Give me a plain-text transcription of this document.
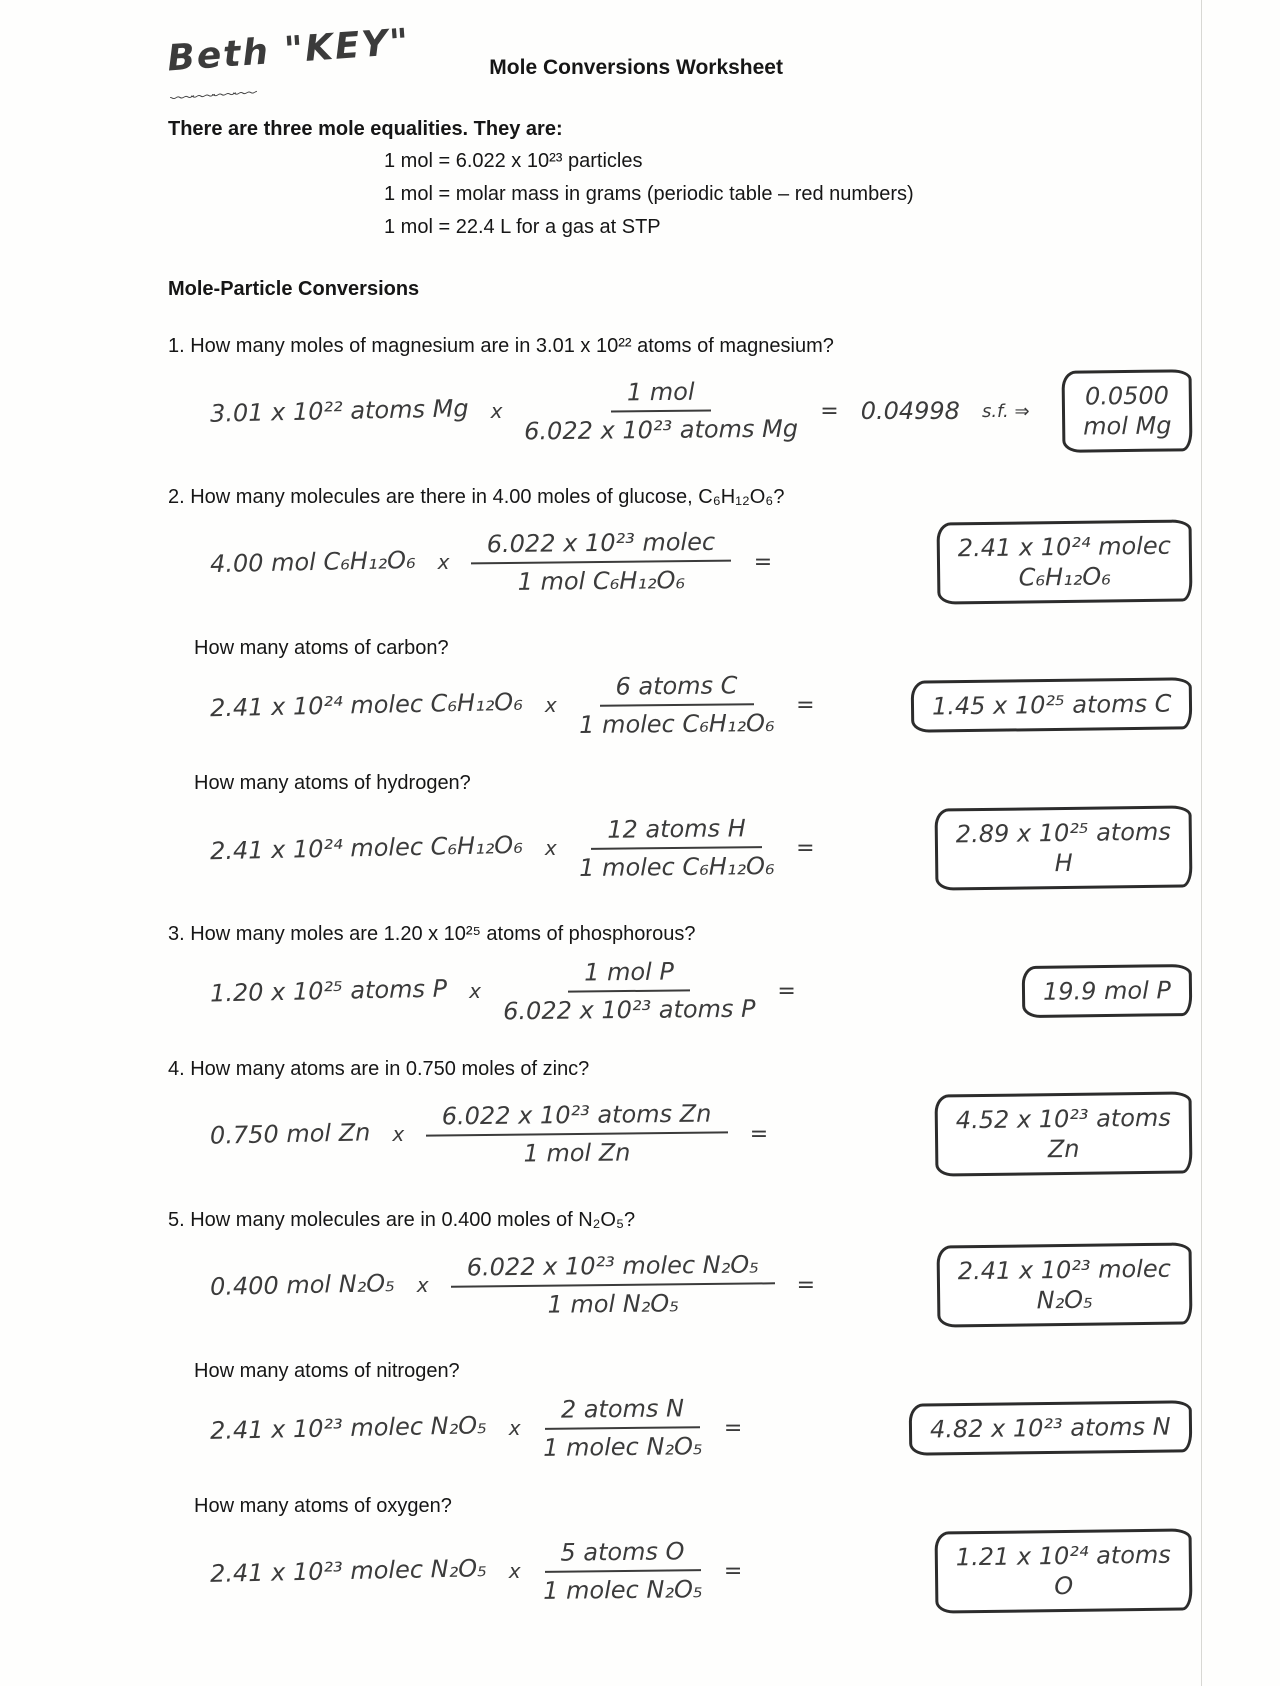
Beth "KEY"
﹏﹏﹏﹏
Mole Conversions Worksheet

There are three mole equalities. They are:

1 mol = 6.022 x 10²³ particles

1 mol = molar mass in grams (periodic table – red numbers)

1 mol = 22.4 L for a gas at STP

Mole-Particle Conversions

1. How many moles of magnesium are in 3.01 x 10²² atoms of magnesium?

3.01 x 10²² atoms Mg x $\frac{\text{1 mol}}{\text{6.022 x 10²³ atoms Mg}} = 0.04998$ s.f. ⇒
0.0500
mol Mg

2. How many molecules are there in 4.00 moles of glucose, C₆H₁₂O₆?

4.00 mol C₆H₁₂O₆ x $\frac{\text{6.022 x 10²³ molec}}{\text{1 mol C₆H₁₂O₆}}$ =	2.41 x 10²⁴ molec
C₆H₁₂O₆

How many atoms of carbon?

2.41 x 10²⁴ molec C₆H₁₂O₆ x $\frac{\text{6 atoms C}}{\text{1 molec C₆H₁₂O₆}}$ =	1.45 x 10²⁵ atoms C

How many atoms of hydrogen?

2.41 x 10²⁴ molec C₆H₁₂O₆ x $\frac{\text{12 atoms H}}{\text{1 molec C₆H₁₂O₆}}$ =	2.89 x 10²⁵ atoms
H

3. How many moles are 1.20 x 10²⁵ atoms of phosphorous?

1.20 x 10²⁵ atoms P x $\frac{\text{1 mol P}}{\text{6.022 x 10²³ atoms P}}$ =	19.9 mol P

4. How many atoms are in 0.750 moles of zinc?

0.750 mol Zn x $\frac{\text{6.022 x 10²³ atoms Zn}}{\text{1 mol Zn}}$ =	4.52 x 10²³ atoms
Zn

5. How many molecules are in 0.400 moles of N₂O₅?

0.400 mol N₂O₅ x $\frac{\text{6.022 x 10²³ molec N₂O₅}}{\text{1 mol N₂O₅}}$ =	2.41 x 10²³ molec
N₂O₅

How many atoms of nitrogen?

2.41 x 10²³ molec N₂O₅ x $\frac{\text{2 atoms N}}{\text{1 molec N₂O₅}}$ =	4.82 x 10²³ atoms N

How many atoms of oxygen?

2.41 x 10²³ molec N₂O₅ x $\frac{\text{5 atoms O}}{\text{1 molec N₂O₅}}$ =	1.21 x 10²⁴ atoms
O
